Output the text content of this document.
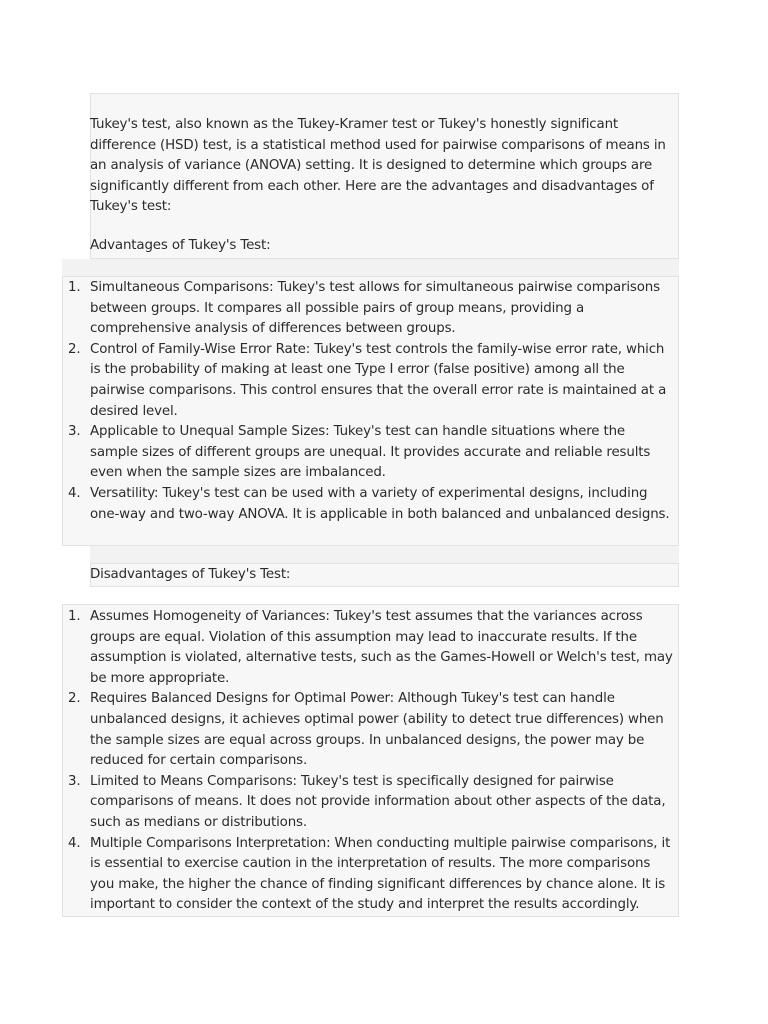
Tukey's test, also known as the Tukey-Kramer test or Tukey's honestly significant difference (HSD) test, is a statistical method used for pairwise comparisons of means in an analysis of variance (ANOVA) setting. It is designed to determine which groups are significantly different from each other. Here are the advantages and disadvantages of Tukey's test:

Advantages of Tukey's Test:

1. Simultaneous Comparisons: Tukey's test allows for simultaneous pairwise comparisons between groups. It compares all possible pairs of group means, providing a comprehensive analysis of differences between groups.
2. Control of Family-Wise Error Rate: Tukey's test controls the family-wise error rate, which is the probability of making at least one Type I error (false positive) among all the pairwise comparisons. This control ensures that the overall error rate is maintained at a desired level.
3. Applicable to Unequal Sample Sizes: Tukey's test can handle situations where the sample sizes of different groups are unequal. It provides accurate and reliable results even when the sample sizes are imbalanced.
4. Versatility: Tukey's test can be used with a variety of experimental designs, including one-way and two-way ANOVA. It is applicable in both balanced and unbalanced designs.

Disadvantages of Tukey's Test:

1. Assumes Homogeneity of Variances: Tukey's test assumes that the variances across groups are equal. Violation of this assumption may lead to inaccurate results. If the assumption is violated, alternative tests, such as the Games-Howell or Welch's test, may be more appropriate.
2. Requires Balanced Designs for Optimal Power: Although Tukey's test can handle unbalanced designs, it achieves optimal power (ability to detect true differences) when the sample sizes are equal across groups. In unbalanced designs, the power may be reduced for certain comparisons.
3. Limited to Means Comparisons: Tukey's test is specifically designed for pairwise comparisons of means. It does not provide information about other aspects of the data, such as medians or distributions.
4. Multiple Comparisons Interpretation: When conducting multiple pairwise comparisons, it is essential to exercise caution in the interpretation of results. The more comparisons you make, the higher the chance of finding significant differences by chance alone. It is important to consider the context of the study and interpret the results accordingly.
